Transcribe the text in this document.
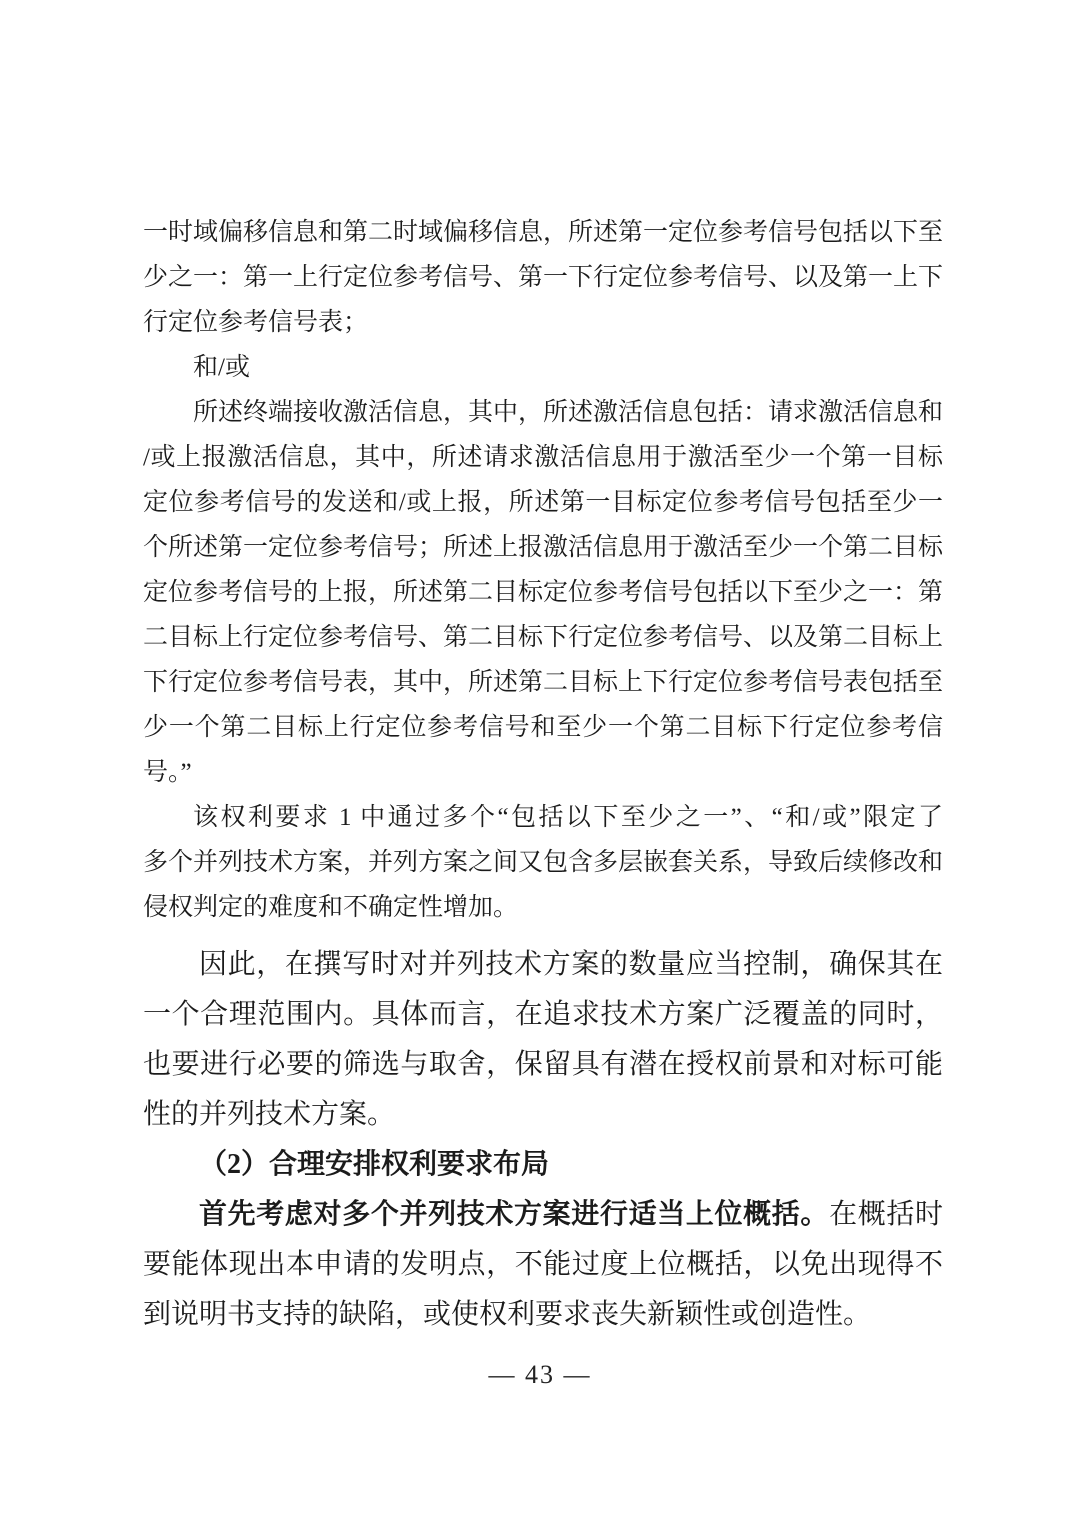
一时域偏移信息和第二时域偏移信息，所述第一定位参考信号包括以下至
少之一：第一上行定位参考信号、第一下行定位参考信号、以及第一上下
行定位参考信号表；
和/或
所述终端接收激活信息，其中，所述激活信息包括：请求激活信息和
/或上报激活信息，其中，所述请求激活信息用于激活至少一个第一目标
定位参考信号的发送和/或上报，所述第一目标定位参考信号包括至少一
个所述第一定位参考信号；所述上报激活信息用于激活至少一个第二目标
定位参考信号的上报，所述第二目标定位参考信号包括以下至少之一：第
二目标上行定位参考信号、第二目标下行定位参考信号、以及第二目标上
下行定位参考信号表，其中，所述第二目标上下行定位参考信号表包括至
少一个第二目标上行定位参考信号和至少一个第二目标下行定位参考信
号。”
该权利要求 1 中通过多个“包括以下至少之一”、“和/或”限定了
多个并列技术方案，并列方案之间又包含多层嵌套关系，导致后续修改和
侵权判定的难度和不确定性增加。
因此，在撰写时对并列技术方案的数量应当控制，确保其在
一个合理范围内。具体而言，在追求技术方案广泛覆盖的同时，
也要进行必要的筛选与取舍，保留具有潜在授权前景和对标可能
性的并列技术方案。
（2）合理安排权利要求布局
首先考虑对多个并列技术方案进行适当上位概括。在概括时
要能体现出本申请的发明点，不能过度上位概括，以免出现得不
到说明书支持的缺陷，或使权利要求丧失新颖性或创造性。
— 43 —
